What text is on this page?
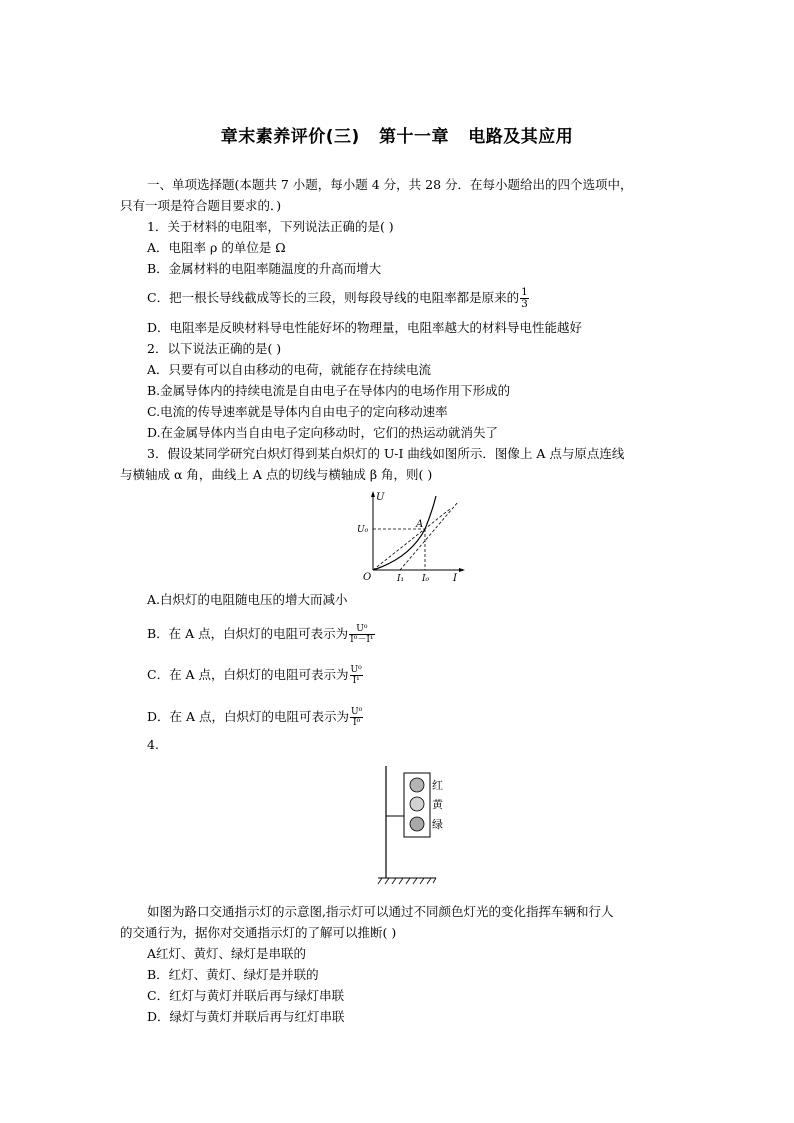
章末素养评价(三)   第十一章   电路及其应用
一、单项选择题(本题共 7 小题，每小题 4 分，共 28 分．在每小题给出的四个选项中，
只有一项是符合题目要求的．)
1．关于材料的电阻率，下列说法正确的是( )
A．电阻率 ρ 的单位是 Ω
B．金属材料的电阻率随温度的升高而增大
C．把一根长导线截成等长的三段，则每段导线的电阻率都是原来的 $\frac{1}{3}$
D．电阻率是反映材料导电性能好坏的物理量，电阻率越大的材料导电性能越好
2．以下说法正确的是( )
A．只要有可以自由移动的电荷，就能存在持续电流
B.金属导体内的持续电流是自由电子在导体内的电场作用下形成的
C.电流的传导速率就是导体内自由电子的定向移动速率
D.在金属导体内当自由电子定向移动时，它们的热运动就消失了
3．假设某同学研究白炽灯得到某白炽灯的 U-I 曲线如图所示．图像上 A 点与原点连线
与横轴成 α 角，曲线上 A 点的切线与横轴成 β 角，则( )
U
U₀	A
O	I₁ I₀ I
A.白炽灯的电阻随电压的增大而减小
B．在 A 点，白炽灯的电阻可表示为 $\frac{\text{U⁰}}{\text{I⁰－I¹}}$
C．在 A 点，白炽灯的电阻可表示为 $\frac{\text{U⁰}}{\text{I¹}}$
D．在 A 点，白炽灯的电阻可表示为 $\frac{\text{U⁰}}{\text{I⁰}}$
4.
红
黄
绿
如图为路口交通指示灯的示意图,指示灯可以通过不同颜色灯光的变化指挥车辆和行人
的交通行为，据你对交通指示灯的了解可以推断( )
A红灯、黄灯、绿灯是串联的
B．红灯、黄灯、绿灯是并联的
C．红灯与黄灯并联后再与绿灯串联
D．绿灯与黄灯并联后再与红灯串联
